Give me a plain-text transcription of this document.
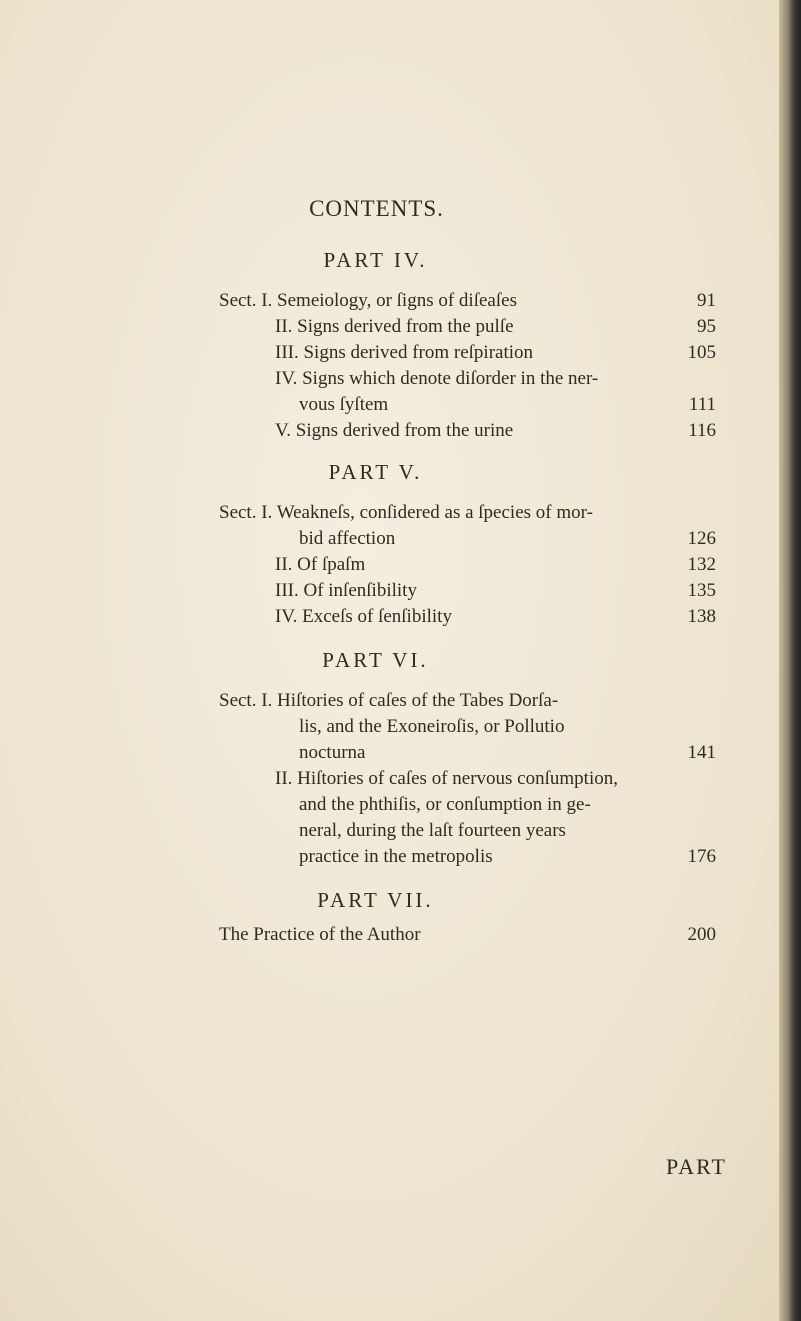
CONTENTS.
PART IV.
Sect. I. Semeiology, or ſigns of diſeaſes	91
II. Signs derived from the pulſe	95
III. Signs derived from reſpiration	105
IV. Signs which denote diſorder in the ner-
vous ſyſtem	111
V. Signs derived from the urine	116
PART V.
Sect. I. Weakneſs, conſidered as a ſpecies of mor-
bid affection	126
II. Of ſpaſm	132
III. Of inſenſibility	135
IV. Exceſs of ſenſibility	138
PART VI.
Sect. I. Hiſtories of caſes of the Tabes Dorſa-
lis, and the Exoneiroſis, or Pollutio
nocturna	141
II. Hiſtories of caſes of nervous conſumption,
and the phthiſis, or conſumption in ge-
neral, during the laſt fourteen years
practice in the metropolis	176
PART VII.
The Practice of the Author	200
PART
